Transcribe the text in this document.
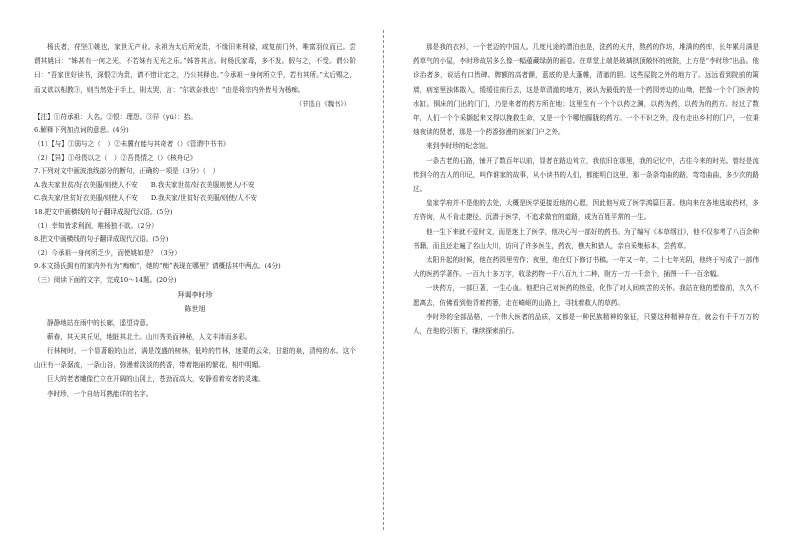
杨氏者，苻坚①姚也，家世无产业。永祖为太后所宠贵，不缘旧来利禄，咸复前门外，唯富羽仪而已。尝谓其姚曰：“姊甚有一何之光，不若妹有无光之乐。”姊答其言。时杨氏家毒，多不发。假与之，不受。谓公阶曰：“吾家世好读书，深恨②为贵，请不惜计定之，乃公其释也。”今承祖一身何所立乎，若有其所。”太后赐之，而又欲以相教③，则当然处于手上，則太哭，言：“尔欲奈我也！”由是将宗内外皆号为杨痴。

（节选自《魏书》）

【注】①苻承祖：人名。②恨：理怨。③舁（yú）：抬。

6.解释下列加点词的意思。(4分)

（1）【与】①弱与之（　）②未冀有能与其奇者（）《管谓中书书》

（2）【异】①母畏以之（　）②吾畏情之（）《核舟记》

7.下列对文中画波浪线部分的断句，正确的一项是（3分）（　）

A.我夫家世贫/好衣美服/则使人不安　　B.我夫家世贫/好衣美服则使人/不安

C.我夫家/世贫好衣美服/则使人不安　　D.我夫家/世贫好衣美服/则使/人不安

18.把文中画横线的句子翻译成现代汉语。(5分)

（1）幸知皆求利润，唯杨独不欲。（2分）

8.把文中画横线的句子翻译成现代汉语。(5分)

（2）今承祖一身何所乏少，而使姚如是？（3分）

9.本文扬氏拥有的家内外有为“痴痴”，她的“痴”表现在哪里？请概括其中两点。(4分)

（三）阅读下面的文字，完成10～14题。(20分)

拜谒李时珍

陈世旭

静静地站在雨中的长廊，遥望诗意。

蕲春，其天其丘见，地脏其北土。山川秀美而神秘，人文丰沛而多彩。

行林树时，一个显著眼的山岔，满是茂盛的树林，低吟的竹林，迷蒙的云朵，甘甜的泉，清纯的水。这个山庄有一条潺流，一条山谷，弥漫着淡淡的药香，带着艳丽的繁花，相中明媚。

巨大的老者雕像伫立在开阔的山冈上，苍劲而高大，安静看着安者的灵魂。

李时珍，一个自幼耳熟能详的名字。

那是我的衣衫，一个老迈的中国人。几度凡途的漂泊也是，洗药的天井，熬药的作坊，堆满的药库，长年累月满是药草气的小屋，李时珍故居多么像一幅蕴藏绿荫的画卷。在草堂上端是玻璃拱顶敞怀的庭院，上方是“李时珍”出品。他诊治者多，说话有口皆碑。牌额的高者颤，蓝底的是大蓬帷，清澈的胆。这些屋院之外的地方了。远远看到院前的篱墙，病室里浊体散入，缓缓往前行去，这是草清澈的地方，被认为最低的是一个药园旁边的山坳，把像一个个门医舍的水缸。铜床的门出的门门，乃是来者的药方所在地；这里生有一个个以药之渊，以药为药，以药为的药方。经过了数年，人们一个个采撷起来又得以挽救生命，又是一个个哪怕朦胧的药方。一个不识之外，没有走出乡村的门户，一位秉烛夜读的贤者，那是一个药香弥漫的医家门户之外。

来到李时珍的纪念馆。

一条古老的石路，铺开了数百年以前，显者在路边耸立，我依旧在那里，我的记忆中，古往今来的时光。曾经是流传到今的古人的印记，叫作谁家的故事，从小读书的人们，都能明白这里，那一条条弯曲的路，弯弯曲曲，多少次的路过。

皇家学府并不是他的去处，大概是医学更接近他的心愿，因此他写成了医学鸿篇巨著。他向来在各地选取药材，多方咨询，从不肯走捷径，沉潜于医学，不追求做官的道路，成为百姓平常的一生。

他一生下来就不爱时文，而是迷上了医学，他决心写一部好的药书。为了编写《本草纲目》，他不仅参考了八百余种书籍，而且还走遍了名山大川，访问了许多医生，药农，樵夫和猎人，亲自采集标本，尝药草。

太阳升起的时候，他在药园里劳作；夜里，他在灯下修订书稿。一年又一年，二十七年光阴，他终于写成了一部伟大的医药学著作。一百九十多万字，收录药物一千八百九十二种，附方一万一千余个，插图一千一百余幅。

一块药方，一部巨著，一生心血。他把自己对医药的热爱，化作了对人间疾苦的关怀。我站在他的塑像前，久久不愿离去，仿佛看到他背着药篓，走在崎岖的山路上，寻找着救人的草药。

李时珍的全部品格，一个伟大医者的品质，又都是一种民族精神的象征，只要这种精神存在，就会有千千万万的人，在他的引领下，继续探索前行。
